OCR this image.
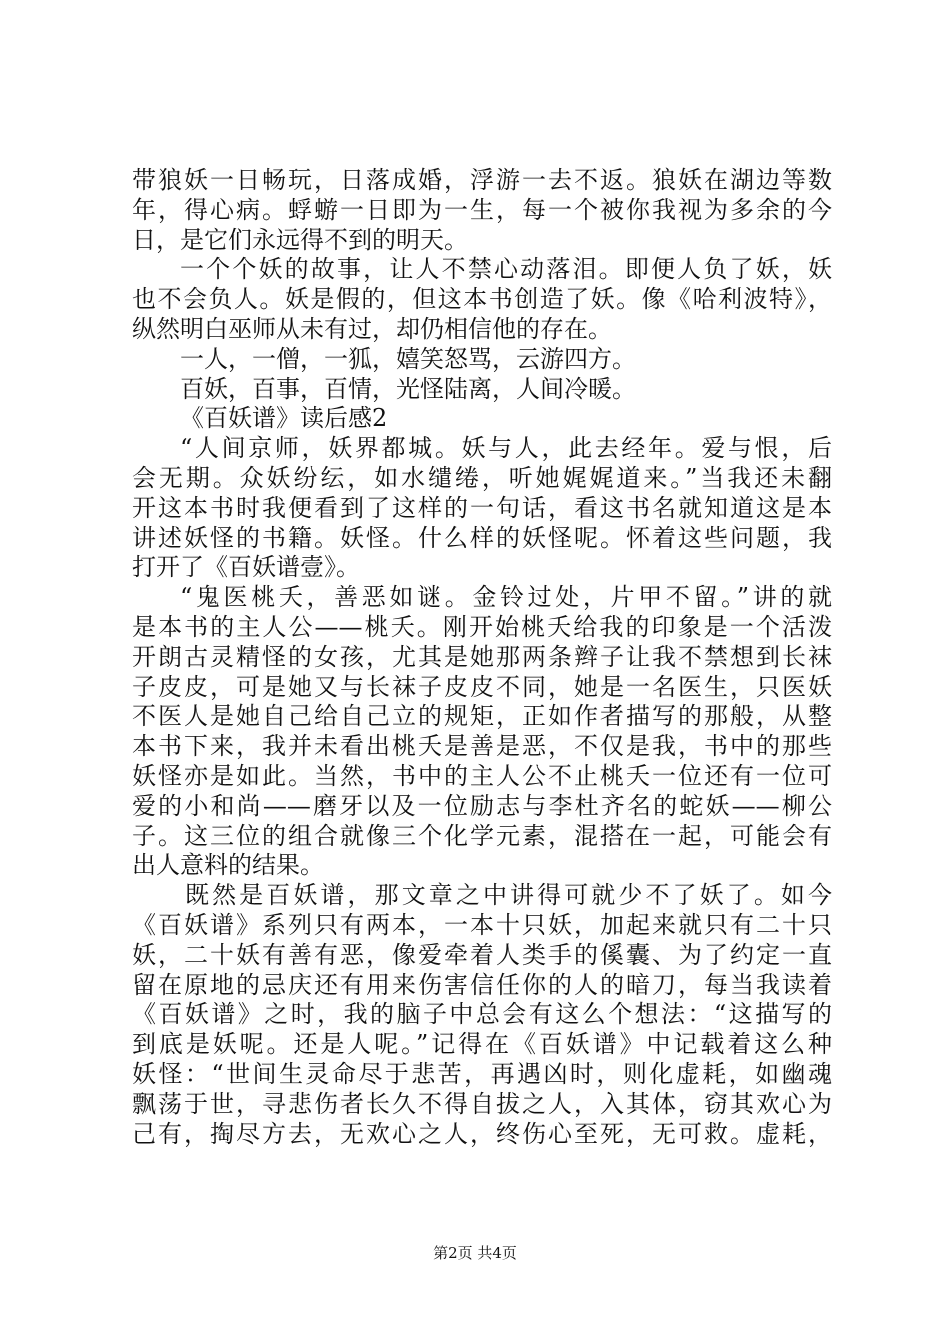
带狼妖一日畅玩，日落成婚，浮游一去不返。狼妖在湖边等数
年，得心病。蜉蝣一日即为一生，每一个被你我视为多余的今
日，是它们永远得不到的明天。
一个个妖的故事，让人不禁心动落泪。即便人负了妖，妖
也不会负人。妖是假的，但这本书创造了妖。像《哈利波特》，
纵然明白巫师从未有过，却仍相信他的存在。
一人，一僧，一狐，嬉笑怒骂，云游四方。
百妖，百事，百情，光怪陆离，人间冷暖。
《百妖谱》读后感2
“人间京师，妖界都城。妖与人，此去经年。爱与恨，后
会无期。众妖纷纭，如水缱绻，听她娓娓道来。”当我还未翻
开这本书时我便看到了这样的一句话，看这书名就知道这是本
讲述妖怪的书籍。妖怪。什么样的妖怪呢。怀着这些问题，我
打开了《百妖谱壹》。
“鬼医桃夭，善恶如谜。金铃过处，片甲不留。”讲的就
是本书的主人公——桃夭。刚开始桃夭给我的印象是一个活泼
开朗古灵精怪的女孩，尤其是她那两条辫子让我不禁想到长袜
子皮皮，可是她又与长袜子皮皮不同，她是一名医生，只医妖
不医人是她自己给自己立的规矩，正如作者描写的那般，从整
本书下来，我并未看出桃夭是善是恶，不仅是我，书中的那些
妖怪亦是如此。当然，书中的主人公不止桃夭一位还有一位可
爱的小和尚——磨牙以及一位励志与李杜齐名的蛇妖——柳公
子。这三位的组合就像三个化学元素，混搭在一起，可能会有
出人意料的结果。
既然是百妖谱，那文章之中讲得可就少不了妖了。如今
《百妖谱》系列只有两本，一本十只妖，加起来就只有二十只
妖，二十妖有善有恶，像爱牵着人类手的傒囊、为了约定一直
留在原地的忌庆还有用来伤害信任你的人的暗刀，每当我读着
《百妖谱》之时，我的脑子中总会有这么个想法：“这描写的
到底是妖呢。还是人呢。”记得在《百妖谱》中记载着这么种
妖怪：“世间生灵命尽于悲苦，再遇凶时，则化虚耗，如幽魂
飘荡于世，寻悲伤者长久不得自拔之人，入其体，窃其欢心为
己有，掏尽方去，无欢心之人，终伤心至死，无可救。虚耗，
第2页 共4页
